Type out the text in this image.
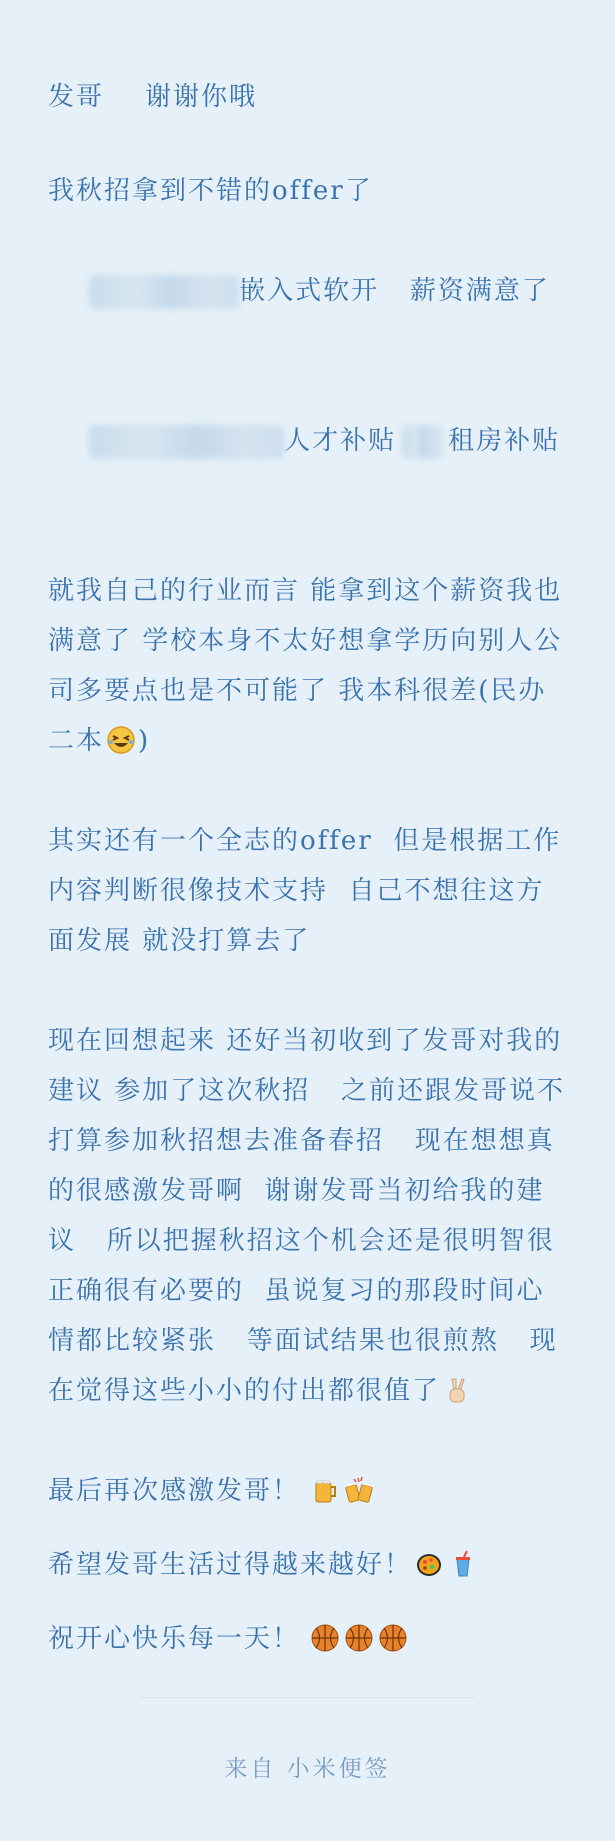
发哥    谢谢你哦

我秋招拿到不错的offer了

嵌入式软开   薪资满意了

人才补贴 租房补贴

就我自己的行业而言 能拿到这个薪资我也满意了 学校本身不太好想拿学历向别人公司多要点也是不可能了 我本科很差(民办二本 )

其实还有一个全志的offer  但是根据工作内容判断很像技术支持  自己不想往这方面发展 就没打算去了

现在回想起来 还好当初收到了发哥对我的建议 参加了这次秋招   之前还跟发哥说不打算参加秋招想去准备春招   现在想想真的很感激发哥啊  谢谢发哥当初给我的建议   所以把握秋招这个机会还是很明智很正确很有必要的  虽说复习的那段时间心情都比较紧张   等面试结果也很煎熬   现在觉得这些小小的付出都很值了

最后再次感激发哥！

希望发哥生活过得越来越好！

祝开心快乐每一天！

来自 小米便签
